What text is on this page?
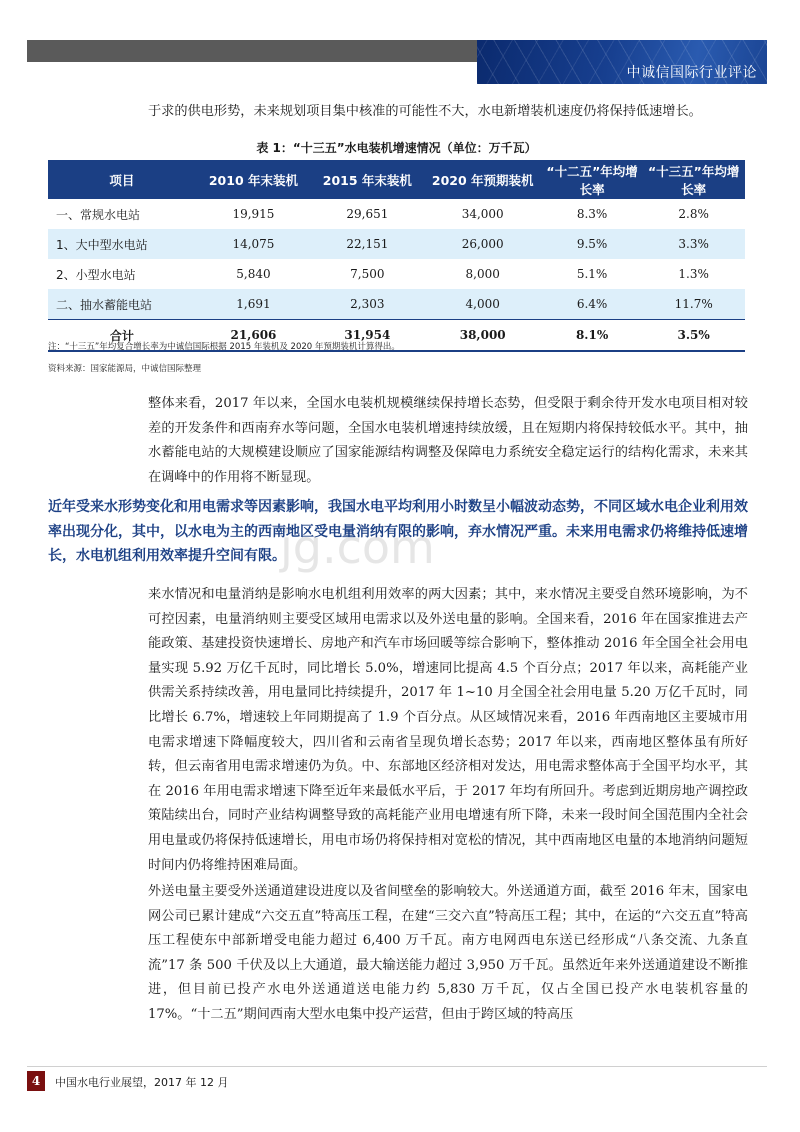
中诚信国际行业评论
于求的供电形势，未来规划项目集中核准的可能性不大，水电新增装机速度仍将保持低速增长。
表 1：“十三五”水电装机增速情况（单位：万千瓦）
项目	2010 年末装机	2015 年末装机	2020 年预期装机	“十二五”年均增长率	“十三五”年均增长率
一、常规水电站	19,915	29,651	34,000	8.3%	2.8%
1、大中型水电站	14,075	22,151	26,000	9.5%	3.3%
2、小型水电站	5,840	7,500	8,000	5.1%	1.3%
二、抽水蓄能电站	1,691	2,303	4,000	6.4%	11.7%
合计	21,606	31,954	38,000	8.1%	3.5%
注：“十三五”年均复合增长率为中诚信国际根据 2015 年装机及 2020 年预期装机计算得出。
资料来源：国家能源局，中诚信国际整理
整体来看，2017 年以来，全国水电装机规模继续保持增长态势，但受限于剩余待开发水电项目相对较差的开发条件和西南弃水等问题，全国水电装机增速持续放缓，且在短期内将保持较低水平。其中，抽水蓄能电站的大规模建设顺应了国家能源结构调整及保障电力系统安全稳定运行的结构化需求，未来其在调峰中的作用将不断显现。
jg.com
近年受来水形势变化和用电需求等因素影响，我国水电平均利用小时数呈小幅波动态势，不同区域水电企业利用效率出现分化，其中，以水电为主的西南地区受电量消纳有限的影响，弃水情况严重。未来用电需求仍将维持低速增长，水电机组利用效率提升空间有限。
来水情况和电量消纳是影响水电机组利用效率的两大因素；其中，来水情况主要受自然环境影响，为不可控因素，电量消纳则主要受区域用电需求以及外送电量的影响。全国来看，2016 年在国家推进去产能政策、基建投资快速增长、房地产和汽车市场回暖等综合影响下，整体推动 2016 年全国全社会用电量实现 5.92 万亿千瓦时，同比增长 5.0%，增速同比提高 4.5 个百分点；2017 年以来，高耗能产业供需关系持续改善，用电量同比持续提升，2017 年 1~10 月全国全社会用电量 5.20 万亿千瓦时，同比增长 6.7%，增速较上年同期提高了 1.9 个百分点。从区域情况来看，2016 年西南地区主要城市用电需求增速下降幅度较大，四川省和云南省呈现负增长态势；2017 年以来，西南地区整体虽有所好转，但云南省用电需求增速仍为负。中、东部地区经济相对发达，用电需求整体高于全国平均水平，其在 2016 年用电需求增速下降至近年来最低水平后，于 2017 年均有所回升。考虑到近期房地产调控政策陆续出台，同时产业结构调整导致的高耗能产业用电增速有所下降，未来一段时间全国范围内全社会用电量或仍将保持低速增长，用电市场仍将保持相对宽松的情况，其中西南地区电量的本地消纳问题短时间内仍将维持困难局面。
外送电量主要受外送通道建设进度以及省间壁垒的影响较大。外送通道方面，截至 2016 年末，国家电网公司已累计建成“六交五直”特高压工程，在建“三交六直”特高压工程；其中，在运的“六交五直”特高压工程使东中部新增受电能力超过 6,400 万千瓦。南方电网西电东送已经形成“八条交流、九条直流”17 条 500 千伏及以上大通道，最大输送能力超过 3,950 万千瓦。虽然近年来外送通道建设不断推进，但目前已投产水电外送通道送电能力约 5,830 万千瓦，仅占全国已投产水电装机容量的 17%。“十二五”期间西南大型水电集中投产运营，但由于跨区域的特高压
4	中国水电行业展望，2017 年 12 月
